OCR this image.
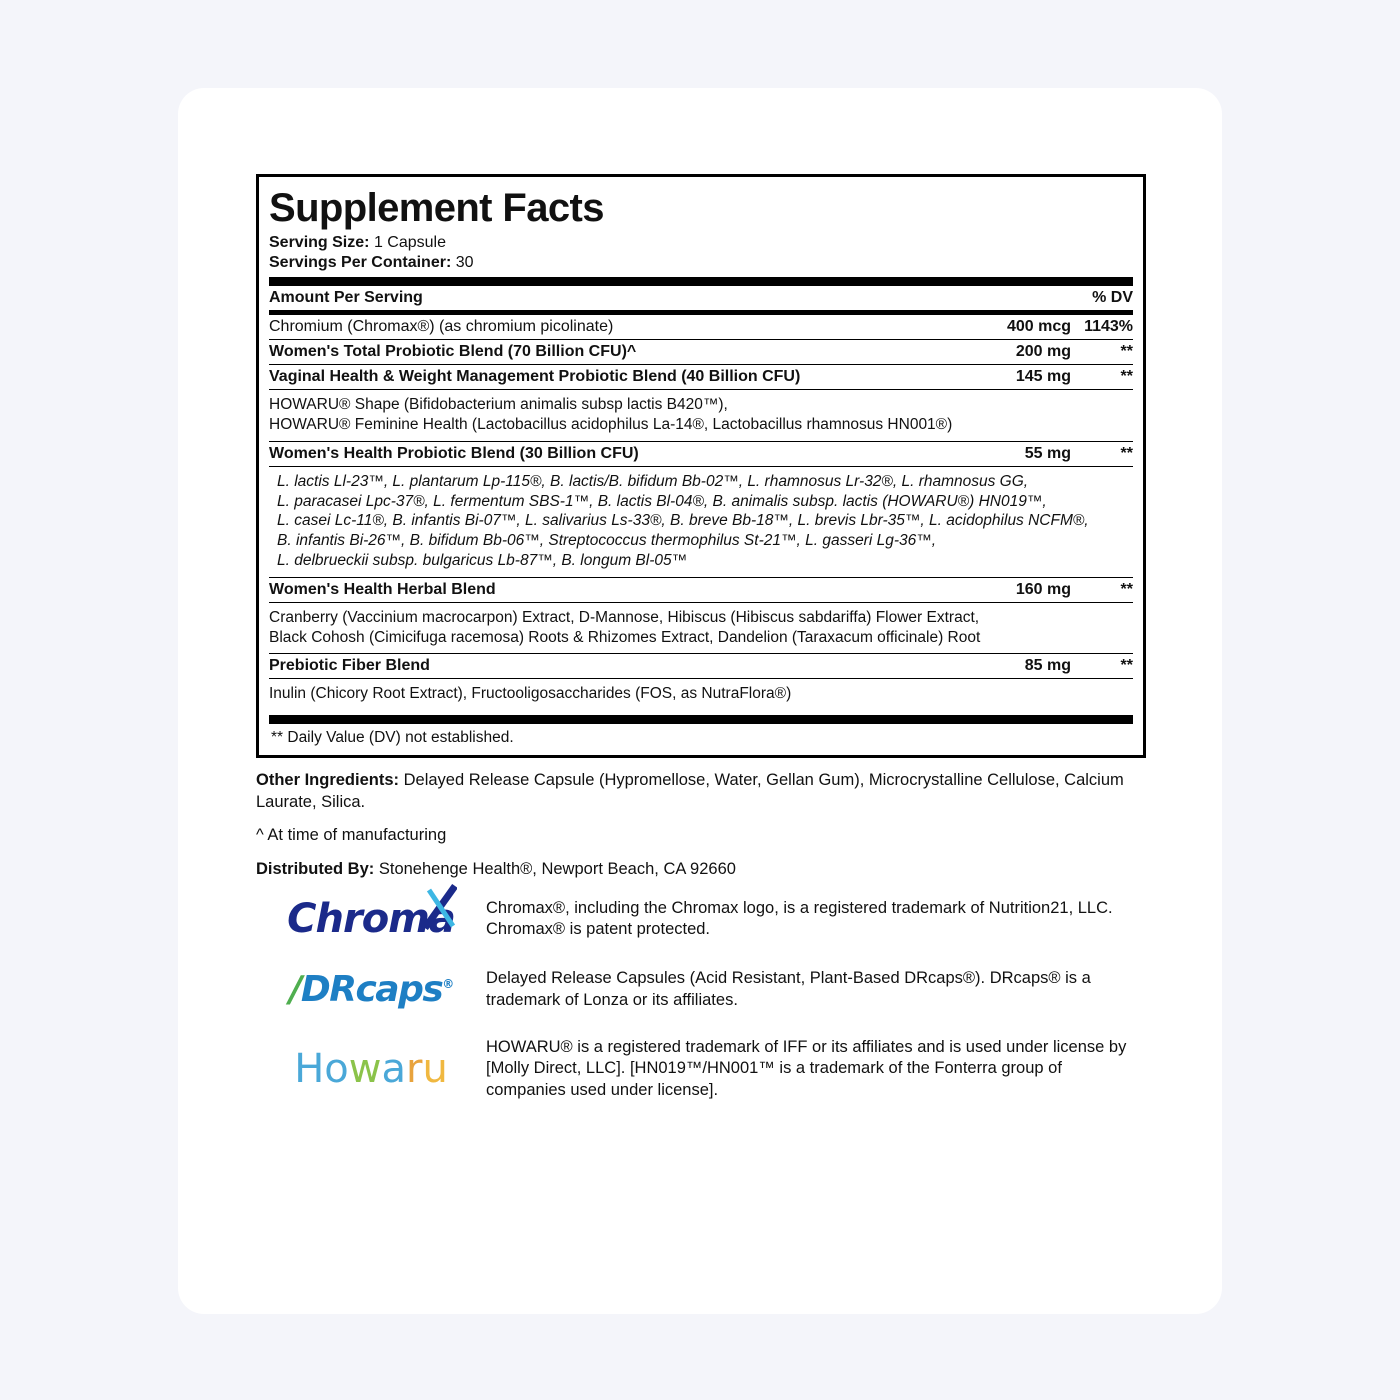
Supplement Facts
Serving Size: 1 Capsule
Servings Per Container: 30
Amount Per Serving		% DV
Chromium (Chromax®) (as chromium picolinate)	400 mcg	1143%
Women's Total Probiotic Blend (70 Billion CFU)^	200 mg	**
Vaginal Health & Weight Management Probiotic Blend (40 Billion CFU)	145 mg	**
HOWARU® Shape (Bifidobacterium animalis subsp lactis B420™),
HOWARU® Feminine Health (Lactobacillus acidophilus La-14®, Lactobacillus rhamnosus HN001®)
Women's Health Probiotic Blend (30 Billion CFU)	55 mg	**
L. lactis Ll-23™, L. plantarum Lp-115®, B. lactis/B. bifidum Bb-02™, L. rhamnosus Lr-32®, L. rhamnosus GG,
L. paracasei Lpc-37®, L. fermentum SBS-1™, B. lactis Bl-04®, B. animalis subsp. lactis (HOWARU®) HN019™,
L. casei Lc-11®, B. infantis Bi-07™, L. salivarius Ls-33®, B. breve Bb-18™, L. brevis Lbr-35™, L. acidophilus NCFM®,
B. infantis Bi-26™, B. bifidum Bb-06™, Streptococcus thermophilus St-21™, L. gasseri Lg-36™,
L. delbrueckii subsp. bulgaricus Lb-87™, B. longum Bl-05™
Women's Health Herbal Blend	160 mg	**
Cranberry (Vaccinium macrocarpon) Extract, D-Mannose, Hibiscus (Hibiscus sabdariffa) Flower Extract,
Black Cohosh (Cimicifuga racemosa) Roots & Rhizomes Extract, Dandelion (Taraxacum officinale) Root
Prebiotic Fiber Blend	85 mg	**
Inulin (Chicory Root Extract), Fructooligosaccharides (FOS, as NutraFlora®)
** Daily Value (DV) not established.

Other Ingredients: Delayed Release Capsule (Hypromellose, Water, Gellan Gum), Microcrystalline Cellulose, Calcium Laurate, Silica.

^ At time of manufacturing

Distributed By: Stonehenge Health®, Newport Beach, CA 92660

Chroma Chromax®, including the Chromax logo, is a registered trademark of Nutrition21, LLC. Chromax® is patent protected.
/DRcaps® Delayed Release Capsules (Acid Resistant, Plant-Based DRcaps®). DRcaps® is a trademark of Lonza or its affiliates.
Howaru HOWARU® is a registered trademark of IFF or its affiliates and is used under license by [Molly Direct, LLC]. [HN019™/HN001™ is a trademark of the Fonterra group of companies used under license].
